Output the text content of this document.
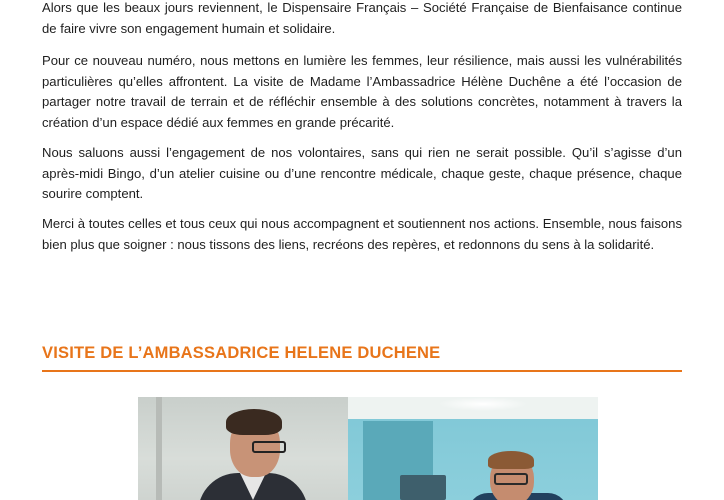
Alors que les beaux jours reviennent, le Dispensaire Français – Société Française de Bienfaisance continue de faire vivre son engagement humain et solidaire.

Pour ce nouveau numéro, nous mettons en lumière les femmes, leur résilience, mais aussi les vulnérabilités particulières qu’elles affrontent. La visite de Madame l’Ambassadrice Hélène Duchêne a été l’occasion de partager notre travail de terrain et de réfléchir ensemble à des solutions concrètes, notamment à travers la création d’un espace dédié aux femmes en grande précarité.

Nous saluons aussi l’engagement de nos volontaires, sans qui rien ne serait possible. Qu’il s’agisse d’un après-midi Bingo, d’un atelier cuisine ou d’une rencontre médicale, chaque geste, chaque présence, chaque sourire comptent.

Merci à toutes celles et tous ceux qui nous accompagnent et soutiennent nos actions. Ensemble, nous faisons bien plus que soigner : nous tissons des liens, recréons des repères, et redonnons du sens à la solidarité.

VISITE DE L’AMBASSADRICE HELENE DUCHENE
